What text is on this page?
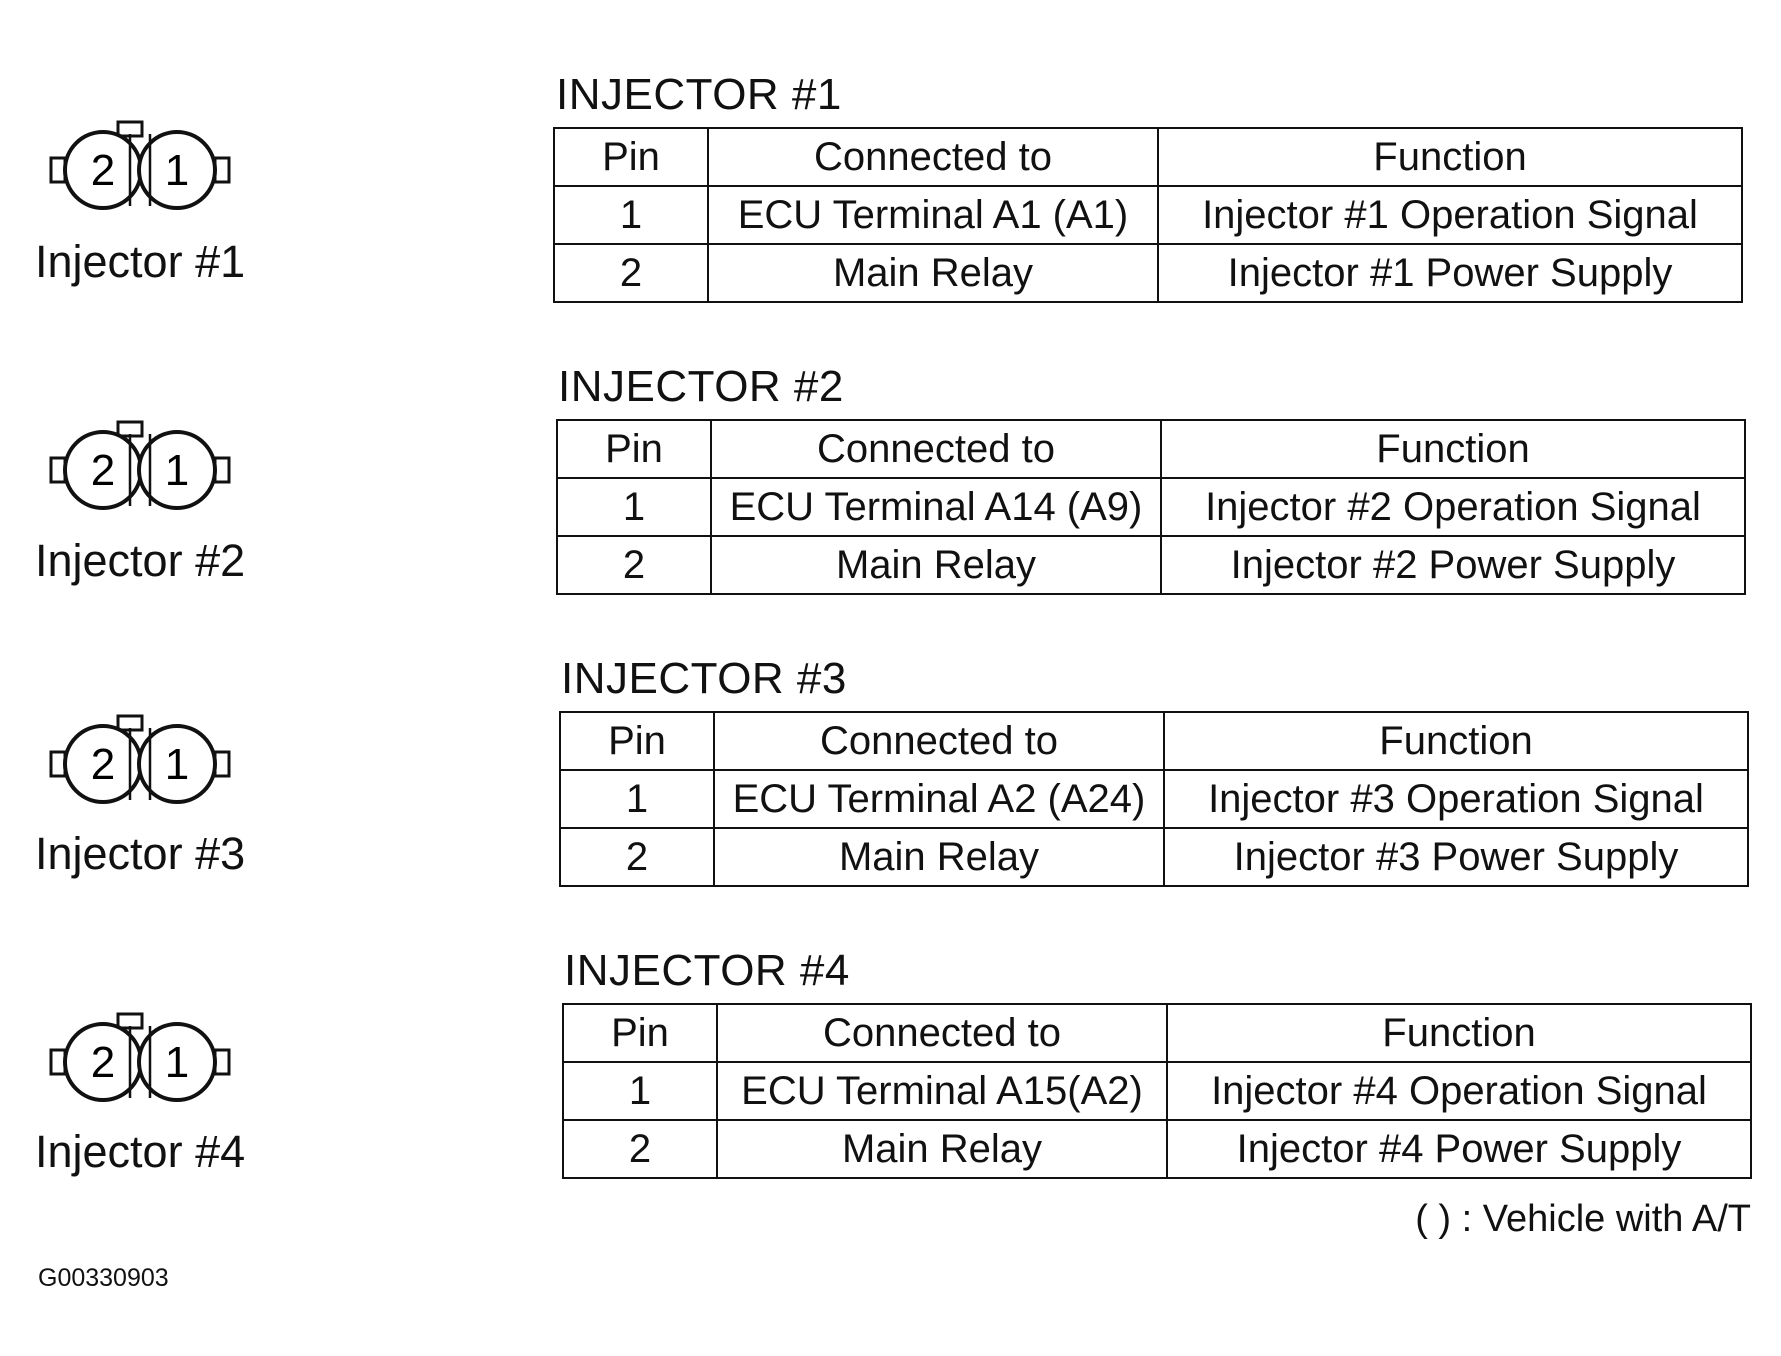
2 1
Injector #1
2 1
Injector #2
2 1
Injector #3
2 1
Injector #4
INJECTOR #1
Pin	Connected to	Function
1	ECU Terminal A1 (A1)	Injector #1 Operation Signal
2	Main Relay	Injector #1 Power Supply
INJECTOR #2
Pin	Connected to	Function
1	ECU Terminal A14 (A9)	Injector #2 Operation Signal
2	Main Relay	Injector #2 Power Supply
INJECTOR #3
Pin	Connected to	Function
1	ECU Terminal A2 (A24)	Injector #3 Operation Signal
2	Main Relay	Injector #3 Power Supply
INJECTOR #4
Pin	Connected to	Function
1	ECU Terminal A15(A2)	Injector #4 Operation Signal
2	Main Relay	Injector #4 Power Supply
( ) : Vehicle with A/T
G00330903
